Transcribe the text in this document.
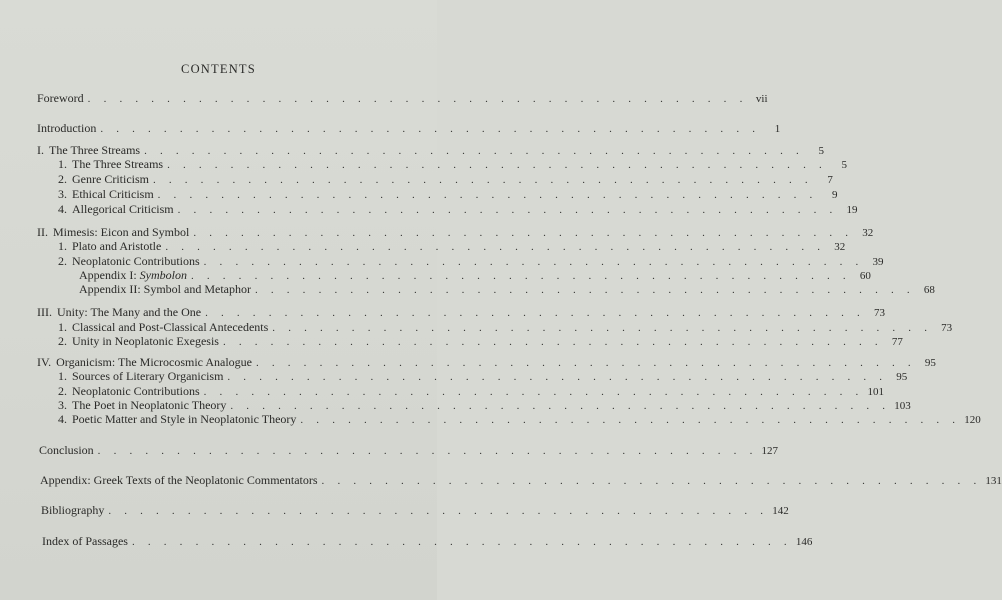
CONTENTS
Foreword . . . . . . . . . . . . . . . . . . . . . . . . . . . . . . . . . . . . . . . . . . vii
Introduction . . . . . . . . . . . . . . . . . . . . . . . . . . . . . . . . . . . . . . . . . .	1
I. The Three Streams . . . . . . . . . . . . . . . . . . . . . . . . . . . . . . . . . . . . . . . . . .	5
1. The Three Streams . . . . . . . . . . . . . . . . . . . . . . . . . . . . . . . . . . . . . . . . . .	5
2. Genre Criticism . . . . . . . . . . . . . . . . . . . . . . . . . . . . . . . . . . . . . . . . . .	7
3. Ethical Criticism . . . . . . . . . . . . . . . . . . . . . . . . . . . . . . . . . . . . . . . . . .	9
4. Allegorical Criticism . . . . . . . . . . . . . . . . . . . . . . . . . . . . . . . . . . . . . . . . . . 19
II. Mimesis: Eicon and Symbol . . . . . . . . . . . . . . . . . . . . . . . . . . . . . . . . . . . . . . . . . . 32
1. Plato and Aristotle . . . . . . . . . . . . . . . . . . . . . . . . . . . . . . . . . . . . . . . . . . 32
2. Neoplatonic Contributions . . . . . . . . . . . . . . . . . . . . . . . . . . . . . . . . . . . . . . . . . . 39
Appendix I: Symbolon . . . . . . . . . . . . . . . . . . . . . . . . . . . . . . . . . . . . . . . . . . 60
Appendix II: Symbol and Metaphor . . . . . . . . . . . . . . . . . . . . . . . . . . . . . . . . . . . . . . . . . . 68
III. Unity: The Many and the One . . . . . . . . . . . . . . . . . . . . . . . . . . . . . . . . . . . . . . . . . . 73
1. Classical and Post-Classical Antecedents . . . . . . . . . . . . . . . . . . . . . . . . . . . . . . . . . . . . . . . . . . 73
2. Unity in Neoplatonic Exegesis . . . . . . . . . . . . . . . . . . . . . . . . . . . . . . . . . . . . . . . . . . 77
IV. Organicism: The Microcosmic Analogue . . . . . . . . . . . . . . . . . . . . . . . . . . . . . . . . . . . . . . . . . . 95
1. Sources of Literary Organicism . . . . . . . . . . . . . . . . . . . . . . . . . . . . . . . . . . . . . . . . . . 95
2. Neoplatonic Contributions . . . . . . . . . . . . . . . . . . . . . . . . . . . . . . . . . . . . . . . . . . 101
3. The Poet in Neoplatonic Theory . . . . . . . . . . . . . . . . . . . . . . . . . . . . . . . . . . . . . . . . . . 103
4. Poetic Matter and Style in Neoplatonic Theory . . . . . . . . . . . . . . . . . . . . . . . . . . . . . . . . . . . . . . . . . . 120
Conclusion . . . . . . . . . . . . . . . . . . . . . . . . . . . . . . . . . . . . . . . . . . 127
Appendix: Greek Texts of the Neoplatonic Commentators . . . . . . . . . . . . . . . . . . . . . . . . . . . . . . . . . . . . . . . . . . 131
Bibliography . . . . . . . . . . . . . . . . . . . . . . . . . . . . . . . . . . . . . . . . . . 142
Index of Passages . . . . . . . . . . . . . . . . . . . . . . . . . . . . . . . . . . . . . . . . . . 146
